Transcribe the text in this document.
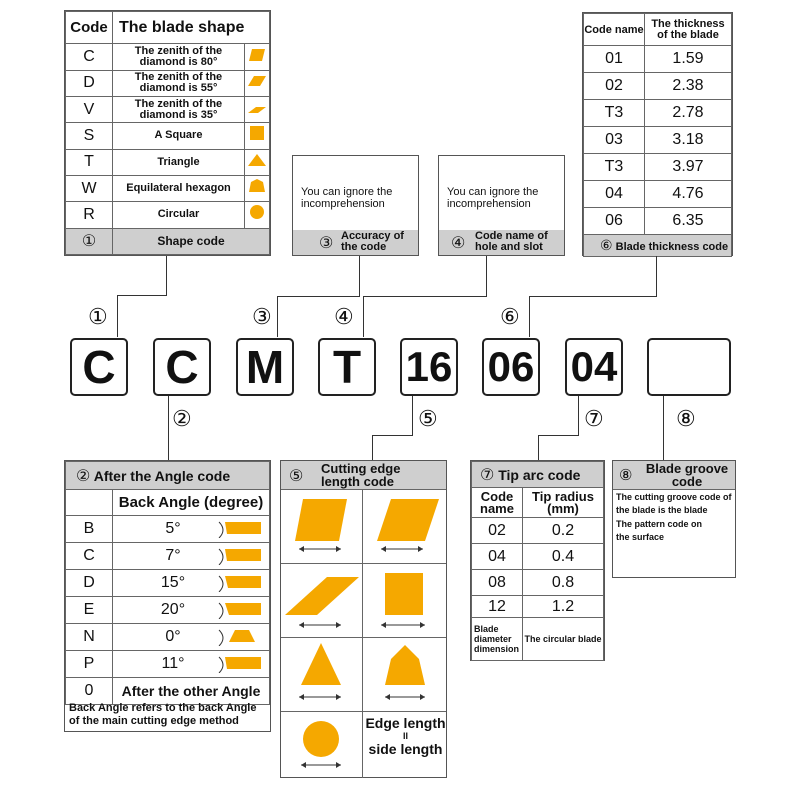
Code	The blade shape	
C	The zenith of the diamond is 80°	
D	The zenith of the diamond is 55°	
V	The zenith of the diamond is 35°	
S	A Square	
T	Triangle	
W	Equilateral hexagon	
R	Circular	
①	Shape code	
You can ignore the incomprehension
③ Accuracy of the code
You can ignore the incomprehension
④ Code name of hole and slot
Code name	The thickness of the blade
01	1.59
02	2.38
T3	2.78
03	3.18
T3	3.97
04	4.76
06	6.35
⑥ Blade thickness code	
①	③	④	⑥
C C M	T	16 06 04
②	⑤	⑦	⑧
② After the Angle code	
	Back Angle (degree)
B	5°

C	7°

D	15°

E	20°

N	0°

P	11°

0	After the other Angle
Back Angle refers to the back Angle of the main cutting edge method
⑤ Cutting edge length code
Edge length
II
side length
⑦ Tip arc code	
Code name	Tip radius (mm)
02	0.2
04	0.4
08	0.8
12	1.2
Blade diameter dimension	The circular blade
⑧	Blade groove code
The cutting groove code of the blade is the blade
The pattern code on the surface
